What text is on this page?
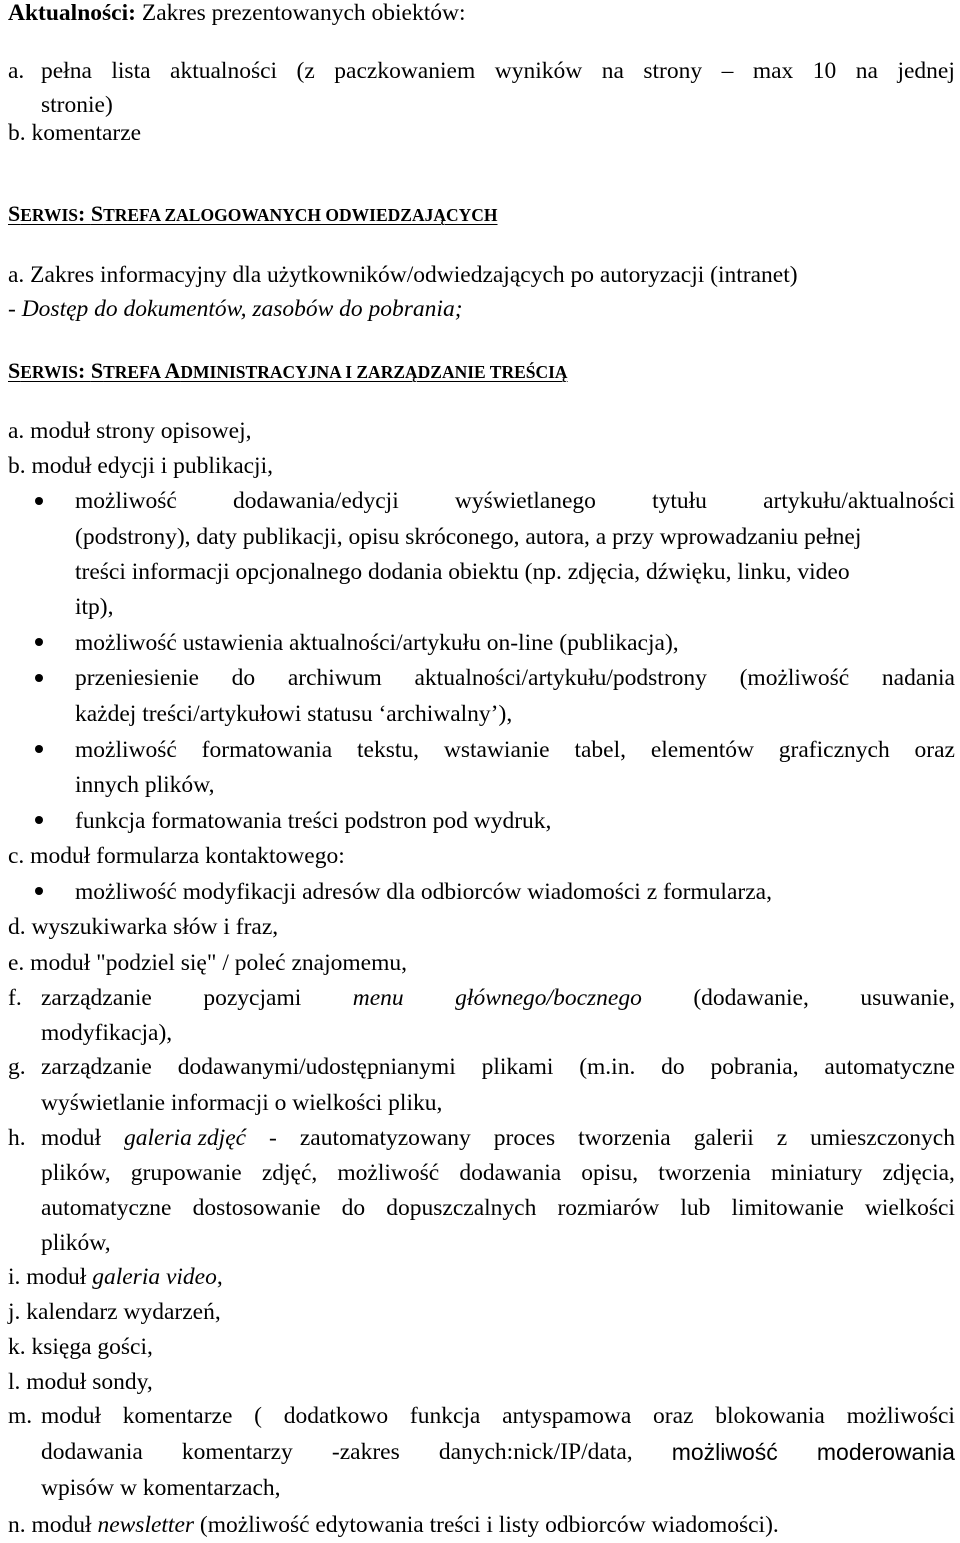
Aktualności: Zakres prezentowanych obiektów:
a. pełna lista aktualności (z paczkowaniem wyników na strony – max 10 na jednej
stronie)
b. komentarze
SERWIS: STREFA ZALOGOWANYCH ODWIEDZAJĄCYCH
a. Zakres informacyjny dla użytkowników/odwiedzających po autoryzacji (intranet)
- Dostęp do dokumentów, zasobów do pobrania;
SERWIS: STREFA ADMINISTRACYJNA I ZARZĄDZANIE TREŚCIĄ
a. moduł strony opisowej,
b. moduł edycji i publikacji,
możliwość dodawania/edycji wyświetlanego tytułu artykułu/aktualności
(podstrony), daty publikacji, opisu skróconego, autora, a przy wprowadzaniu pełnej
treści informacji opcjonalnego dodania obiektu (np. zdjęcia, dźwięku, linku, video
itp),
możliwość ustawienia aktualności/artykułu on-line (publikacja),
przeniesienie do archiwum aktualności/artykułu/podstrony (możliwość nadania
każdej treści/artykułowi statusu ‘archiwalny’),
możliwość formatowania tekstu, wstawianie tabel, elementów graficznych oraz
innych plików,
funkcja formatowania treści podstron pod wydruk,
c. moduł formularza kontaktowego:
możliwość modyfikacji adresów dla odbiorców wiadomości z formularza,
d. wyszukiwarka słów i fraz,
e. moduł "podziel się" / poleć znajomemu,
f. zarządzanie pozycjami menu głównego/bocznego (dodawanie, usuwanie,
modyfikacja),
g. zarządzanie dodawanymi/udostępnianymi plikami (m.in. do pobrania, automatyczne
wyświetlanie informacji o wielkości pliku,
h. moduł galeria zdjęć - zautomatyzowany proces tworzenia galerii z umieszczonych
plików, grupowanie zdjęć, możliwość dodawania opisu, tworzenia miniatury zdjęcia,
automatyczne dostosowanie do dopuszczalnych rozmiarów lub limitowanie wielkości
plików,
i. moduł galeria video,
j. kalendarz wydarzeń,
k. księga gości,
l. moduł sondy,
m. moduł komentarze ( dodatkowo funkcja antyspamowa oraz blokowania możliwości
dodawania komentarzy -zakres danych:nick/IP/data, możliwość moderowania
wpisów w komentarzach,
n. moduł newsletter (możliwość edytowania treści i listy odbiorców wiadomości).
